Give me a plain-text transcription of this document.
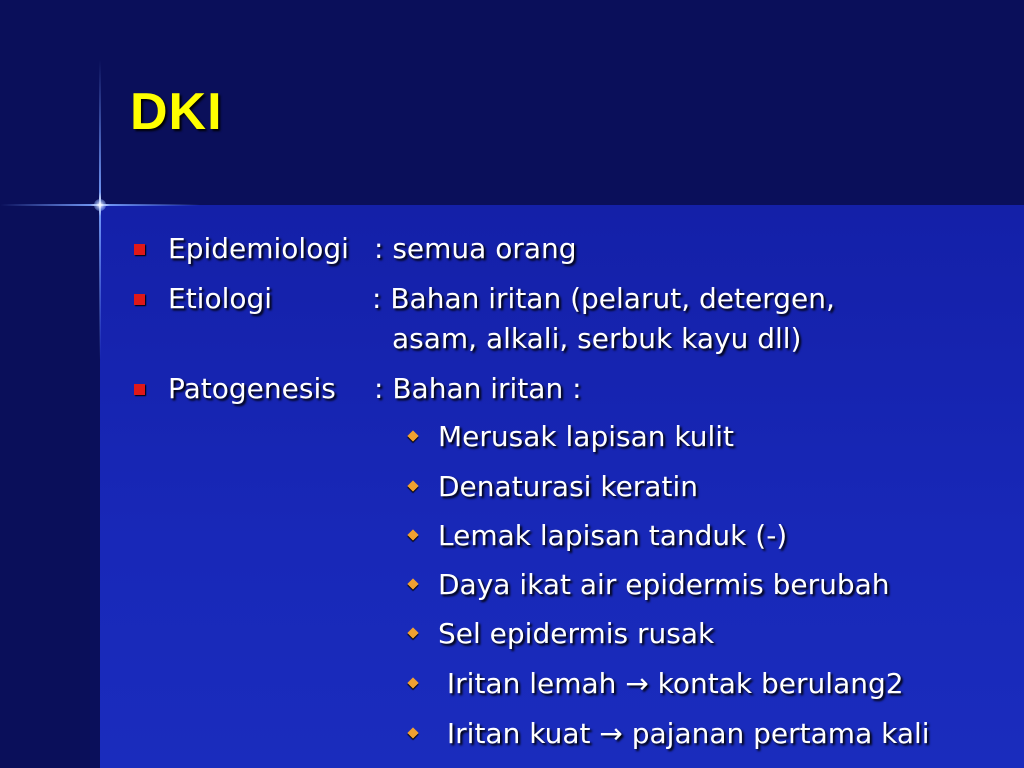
DKI
Epidemiologi : semua orang
Etiologi	: Bahan iritan (pelarut, detergen,
asam, alkali, serbuk kayu dll)
Patogenesis : Bahan iritan :
Merusak lapisan kulit
Denaturasi keratin
Lemak lapisan tanduk (-)
Daya ikat air epidermis berubah
Sel epidermis rusak
Iritan lemah → kontak berulang2
Iritan kuat → pajanan pertama kali
